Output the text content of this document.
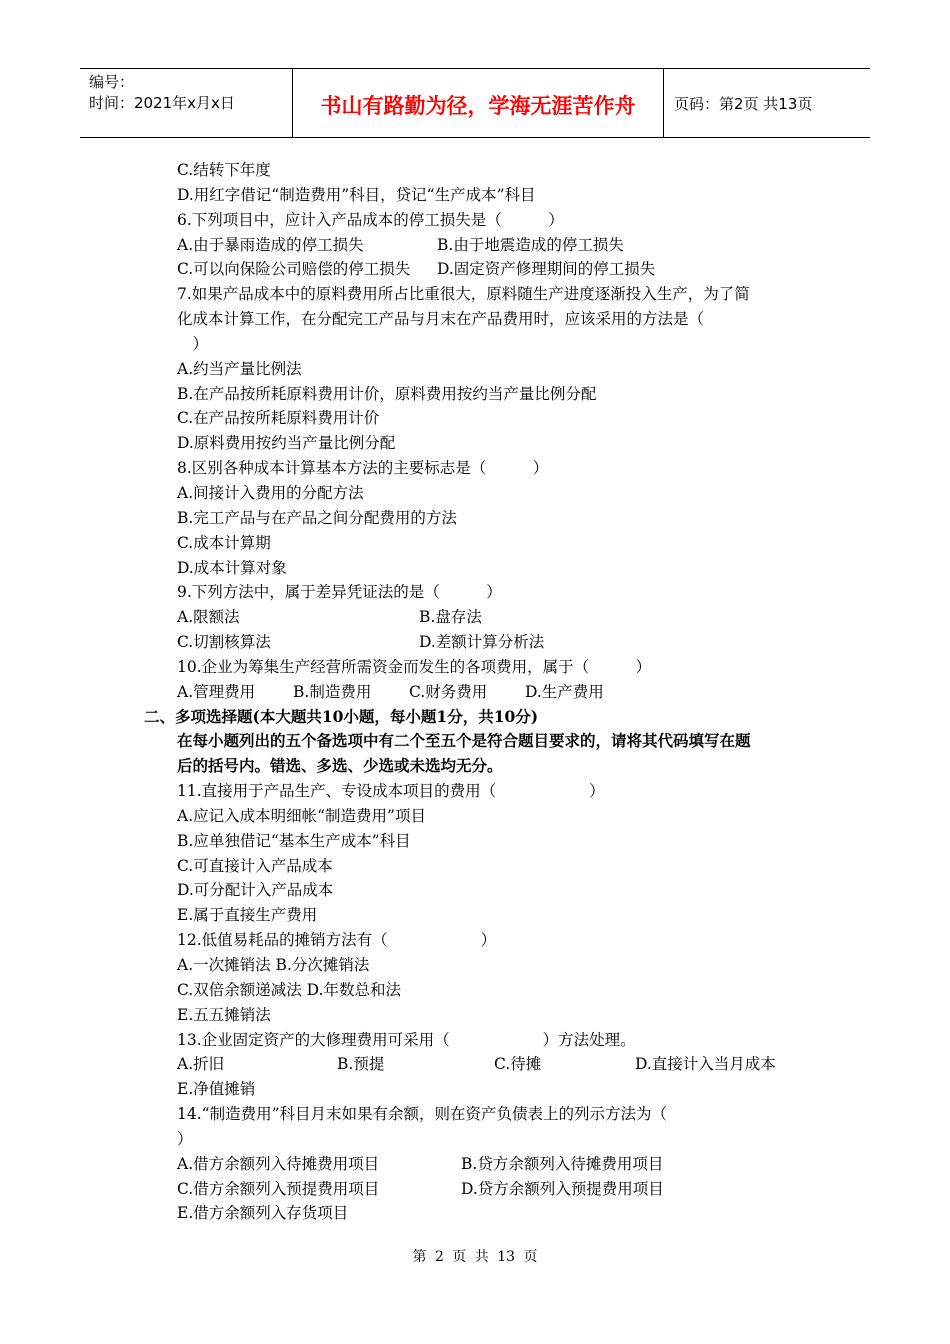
编号：
时间：2021年x月x日	书山有路勤为径，学海无涯苦作舟	页码：第2页 共13页
C.结转下年度
D.用红字借记“制造费用”科目，贷记“生产成本”科目
6.下列项目中，应计入产品成本的停工损失是（　　　）
A.由于暴雨造成的停工损失	B.由于地震造成的停工损失
C.可以向保险公司赔偿的停工损失	D.固定资产修理期间的停工损失
7.如果产品成本中的原料费用所占比重很大，原料随生产进度逐渐投入生产，为了简
化成本计算工作，在分配完工产品与月末在产品费用时，应该采用的方法是（
　）
A.约当产量比例法
B.在产品按所耗原料费用计价，原料费用按约当产量比例分配
C.在产品按所耗原料费用计价
D.原料费用按约当产量比例分配
8.区别各种成本计算基本方法的主要标志是（　　　）
A.间接计入费用的分配方法
B.完工产品与在产品之间分配费用的方法
C.成本计算期
D.成本计算对象
9.下列方法中，属于差异凭证法的是（　　　）
A.限额法	B.盘存法
C.切割核算法	D.差额计算分析法
10.企业为筹集生产经营所需资金而发生的各项费用，属于（　　　）
A.管理费用	B.制造费用	C.财务费用	D.生产费用
二、多项选择题(本大题共10小题，每小题1分，共10分)
在每小题列出的五个备选项中有二个至五个是符合题目要求的，请将其代码填写在题
后的括号内。错选、多选、少选或未选均无分。
11.直接用于产品生产、专设成本项目的费用（　　　　　　）
A.应记入成本明细帐“制造费用”项目
B.应单独借记“基本生产成本”科目
C.可直接计入产品成本
D.可分配计入产品成本
E.属于直接生产费用
12.低值易耗品的摊销方法有（　　　　　　）
A.一次摊销法 B.分次摊销法
C.双倍余额递减法 D.年数总和法
E.五五摊销法
13.企业固定资产的大修理费用可采用（　　　　　　）方法处理。
A.折旧	B.预提	C.待摊	D.直接计入当月成本
E.净值摊销
14.“制造费用”科目月末如果有余额，则在资产负债表上的列示方法为（
）
A.借方余额列入待摊费用项目	B.贷方余额列入待摊费用项目
C.借方余额列入预提费用项目	D.贷方余额列入预提费用项目
E.借方余额列入存货项目
第 2 页 共 13 页
